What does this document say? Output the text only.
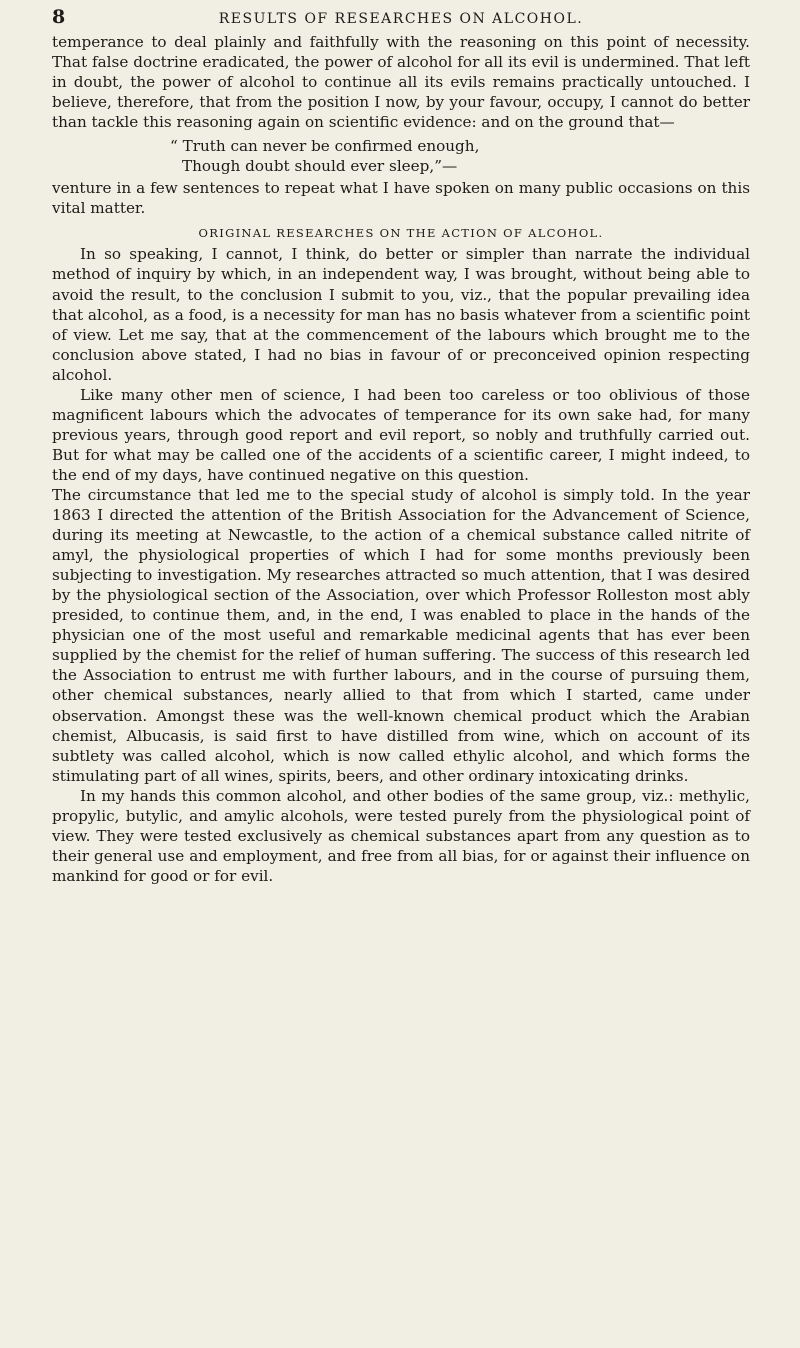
8	RESULTS OF RESEARCHES ON ALCOHOL.

temperance to deal plainly and faithfully with the reasoning on this point of necessity. That false doctrine eradicated, the power of alcohol for all its evil is undermined. That left in doubt, the power of alcohol to continue all its evils remains practically untouched. I believe, therefore, that from the position I now, by your favour, occupy, I cannot do better than tackle this reasoning again on scientific evidence: and on the ground that—

“ Truth can never be confirmed enough,
Though doubt should ever sleep,”—

venture in a few sentences to repeat what I have spoken on many public occasions on this vital matter.

ORIGINAL RESEARCHES ON THE ACTION OF ALCOHOL.

In so speaking, I cannot, I think, do better or simpler than narrate the individual method of inquiry by which, in an independent way, I was brought, without being able to avoid the result, to the conclusion I submit to you, viz., that the popular prevailing idea that alcohol, as a food, is a necessity for man has no basis whatever from a scientific point of view. Let me say, that at the commencement of the labours which brought me to the conclusion above stated, I had no bias in favour of or preconceived opinion respecting alcohol.

Like many other men of science, I had been too careless or too oblivious of those magnificent labours which the advocates of temperance for its own sake had, for many previous years, through good report and evil report, so nobly and truthfully carried out. But for what may be called one of the accidents of a scientific career, I might indeed, to the end of my days, have continued negative on this question.

The circumstance that led me to the special study of alcohol is simply told. In the year 1863 I directed the attention of the British Association for the Advancement of Science, during its meeting at Newcastle, to the action of a chemical substance called nitrite of amyl, the physiological properties of which I had for some months previously been subjecting to investigation. My researches attracted so much attention, that I was desired by the physiological section of the Association, over which Professor Rolleston most ably presided, to continue them, and, in the end, I was enabled to place in the hands of the physician one of the most useful and remarkable medicinal agents that has ever been supplied by the chemist for the relief of human suffering. The success of this research led the Association to entrust me with further labours, and in the course of pursuing them, other chemical substances, nearly allied to that from which I started, came under observation. Amongst these was the well-known chemical product which the Arabian chemist, Albucasis, is said first to have distilled from wine, which on account of its subtlety was called alcohol, which is now called ethylic alcohol, and which forms the stimulating part of all wines, spirits, beers, and other ordinary intoxicating drinks.

In my hands this common alcohol, and other bodies of the same group, viz.: methylic, propylic, butylic, and amylic alcohols, were tested purely from the physiological point of view. They were tested exclusively as chemical substances apart from any question as to their general use and employment, and free from all bias, for or against their influence on mankind for good or for evil.
